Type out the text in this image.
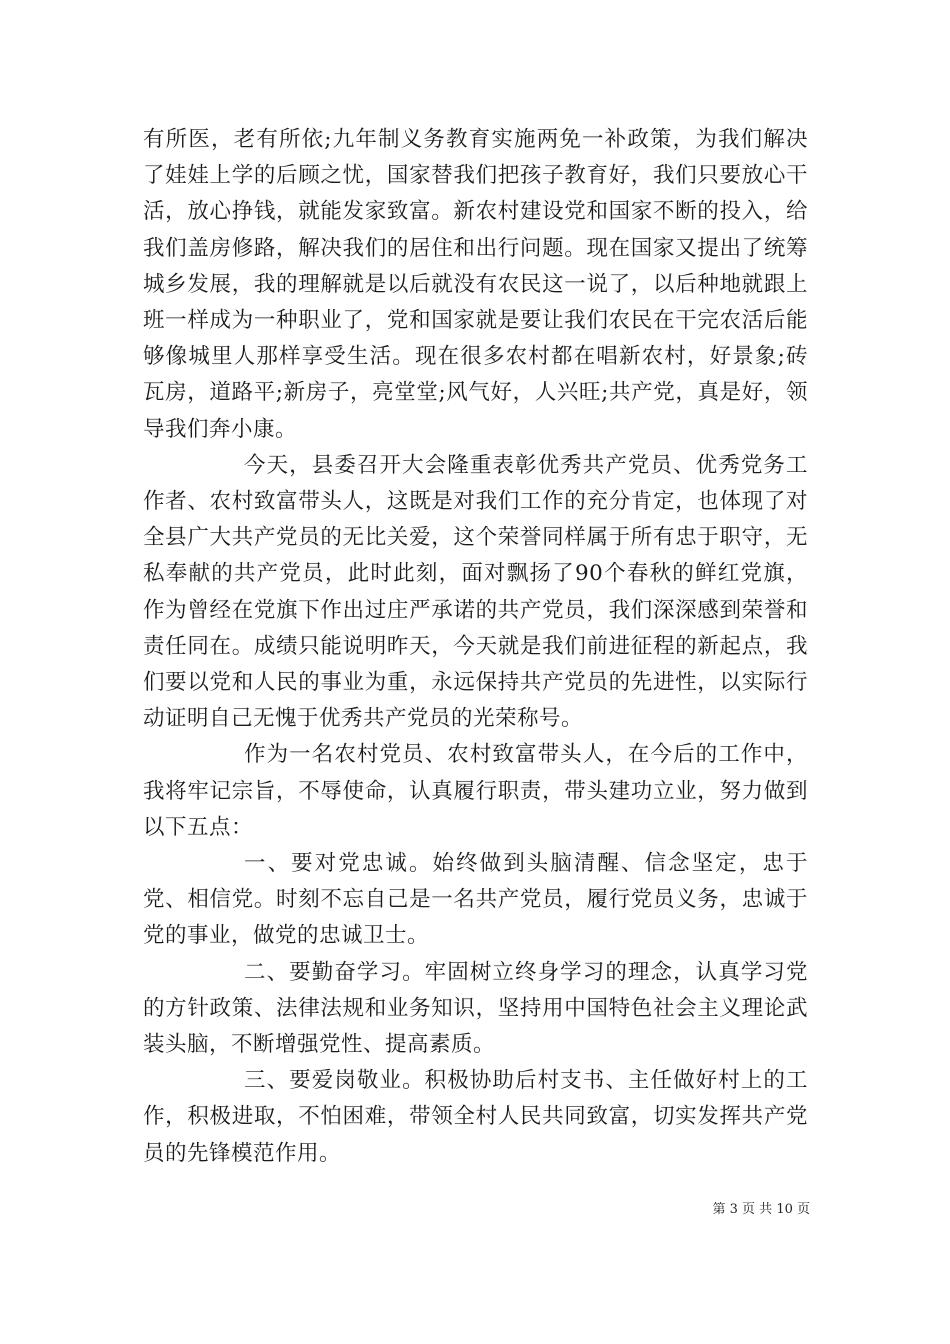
有所医，老有所依;九年制义务教育实施两免一补政策，为我们解决了娃娃上学的后顾之忧，国家替我们把孩子教育好，我们只要放心干活，放心挣钱，就能发家致富。新农村建设党和国家不断的投入，给我们盖房修路，解决我们的居住和出行问题。现在国家又提出了统筹城乡发展，我的理解就是以后就没有农民这一说了，以后种地就跟上班一样成为一种职业了，党和国家就是要让我们农民在干完农活后能够像城里人那样享受生活。现在很多农村都在唱新农村，好景象;砖瓦房，道路平;新房子，亮堂堂;风气好，人兴旺;共产党，真是好，领导我们奔小康。

今天，县委召开大会隆重表彰优秀共产党员、优秀党务工作者、农村致富带头人，这既是对我们工作的充分肯定，也体现了对全县广大共产党员的无比关爱，这个荣誉同样属于所有忠于职守，无私奉献的共产党员，此时此刻，面对飘扬了90个春秋的鲜红党旗，作为曾经在党旗下作出过庄严承诺的共产党员，我们深深感到荣誉和责任同在。成绩只能说明昨天，今天就是我们前进征程的新起点，我们要以党和人民的事业为重，永远保持共产党员的先进性，以实际行动证明自己无愧于优秀共产党员的光荣称号。

作为一名农村党员、农村致富带头人，在今后的工作中，我将牢记宗旨，不辱使命，认真履行职责，带头建功立业，努力做到以下五点：

一、要对党忠诚。始终做到头脑清醒、信念坚定，忠于党、相信党。时刻不忘自己是一名共产党员，履行党员义务，忠诚于党的事业，做党的忠诚卫士。

二、要勤奋学习。牢固树立终身学习的理念，认真学习党的方针政策、法律法规和业务知识，坚持用中国特色社会主义理论武装头脑，不断增强党性、提高素质。

三、要爱岗敬业。积极协助后村支书、主任做好村上的工作，积极进取，不怕困难，带领全村人民共同致富，切实发挥共产党员的先锋模范作用。

第 3 页 共 10 页
